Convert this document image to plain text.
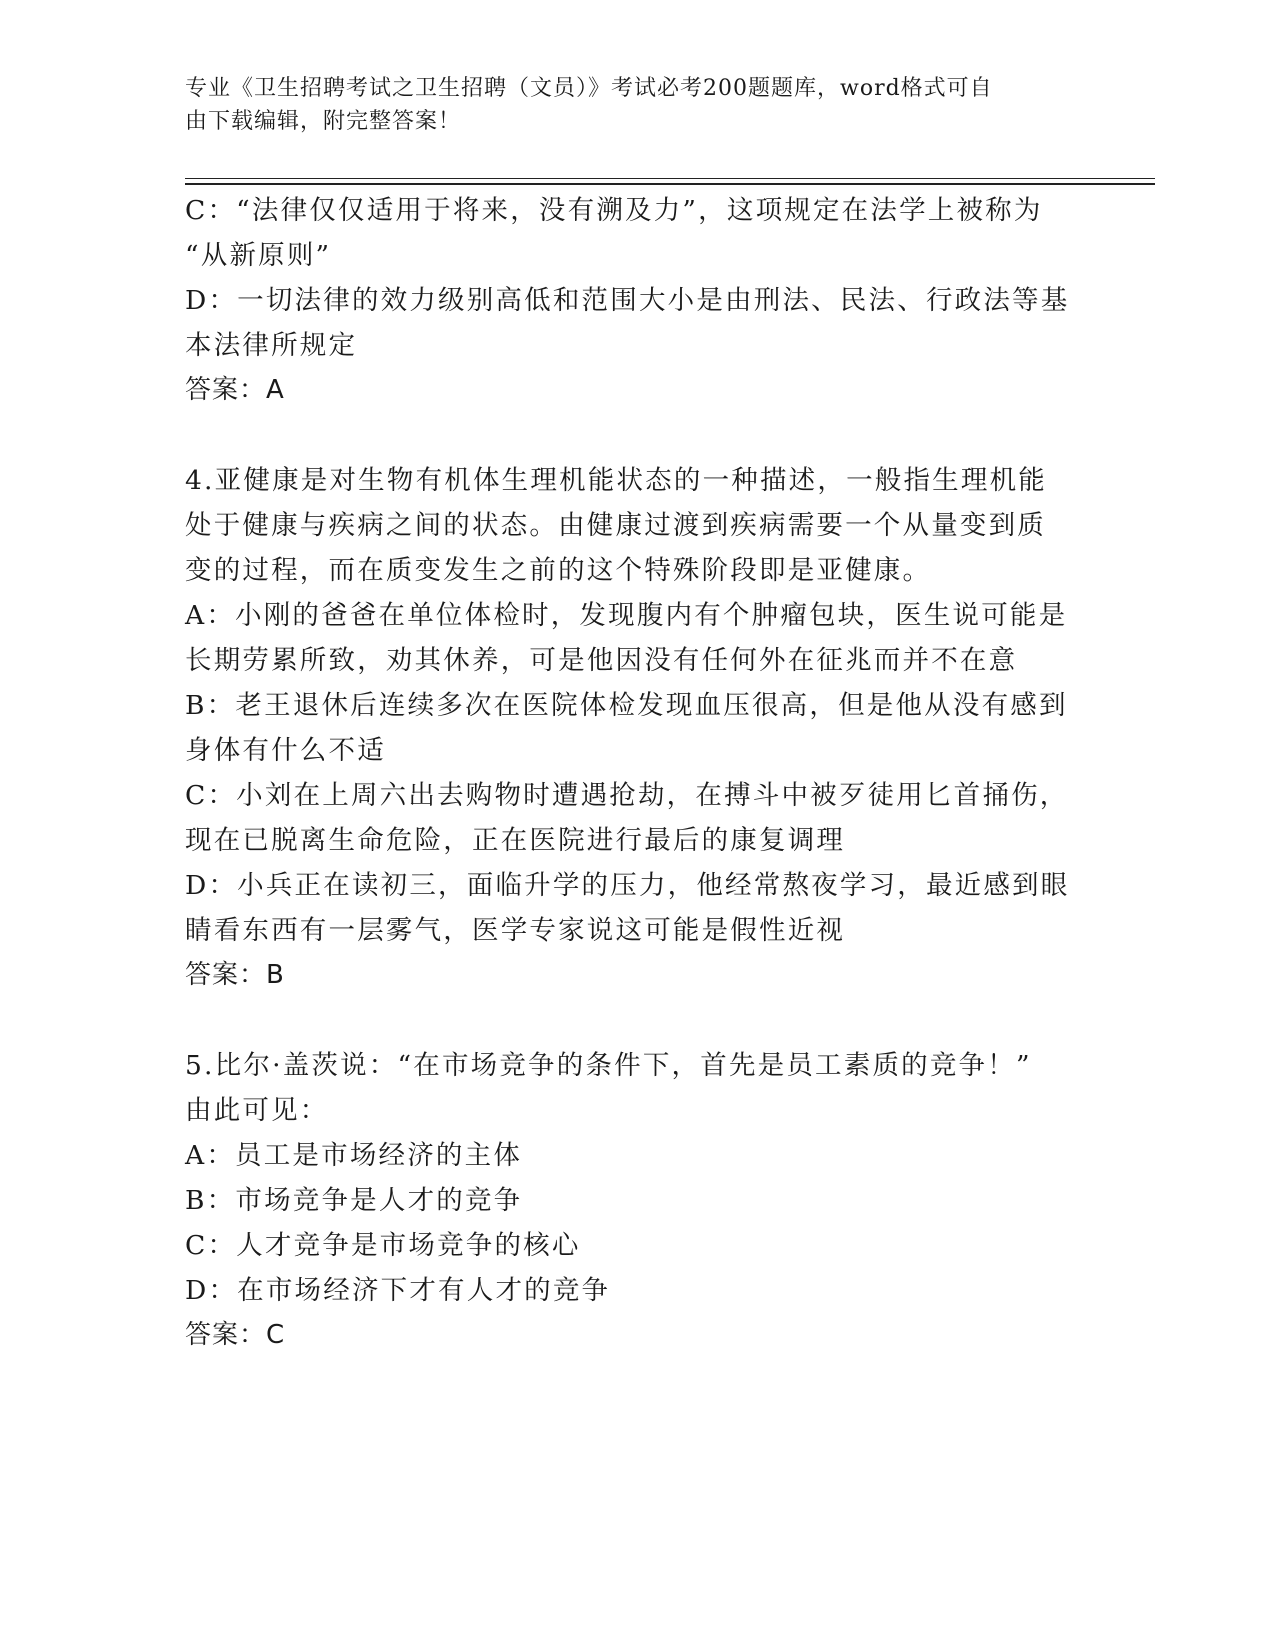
专业《卫生招聘考试之卫生招聘（文员）》考试必考200题题库，word格式可自
由下载编辑，附完整答案！
C：“法律仅仅适用于将来，没有溯及力”，这项规定在法学上被称为
“从新原则”
D：一切法律的效力级别高低和范围大小是由刑法、民法、行政法等基
本法律所规定
答案：A
4.亚健康是对生物有机体生理机能状态的一种描述，一般指生理机能
处于健康与疾病之间的状态。由健康过渡到疾病需要一个从量变到质
变的过程，而在质变发生之前的这个特殊阶段即是亚健康。
A：小刚的爸爸在单位体检时，发现腹内有个肿瘤包块，医生说可能是
长期劳累所致，劝其休养，可是他因没有任何外在征兆而并不在意
B：老王退休后连续多次在医院体检发现血压很高，但是他从没有感到
身体有什么不适
C：小刘在上周六出去购物时遭遇抢劫，在搏斗中被歹徒用匕首捅伤，
现在已脱离生命危险，正在医院进行最后的康复调理
D：小兵正在读初三，面临升学的压力，他经常熬夜学习，最近感到眼
睛看东西有一层雾气，医学专家说这可能是假性近视
答案：B
5.比尔·盖茨说：“在市场竞争的条件下，首先是员工素质的竞争！”
由此可见：
A：员工是市场经济的主体
B：市场竞争是人才的竞争
C：人才竞争是市场竞争的核心
D：在市场经济下才有人才的竞争
答案：C
